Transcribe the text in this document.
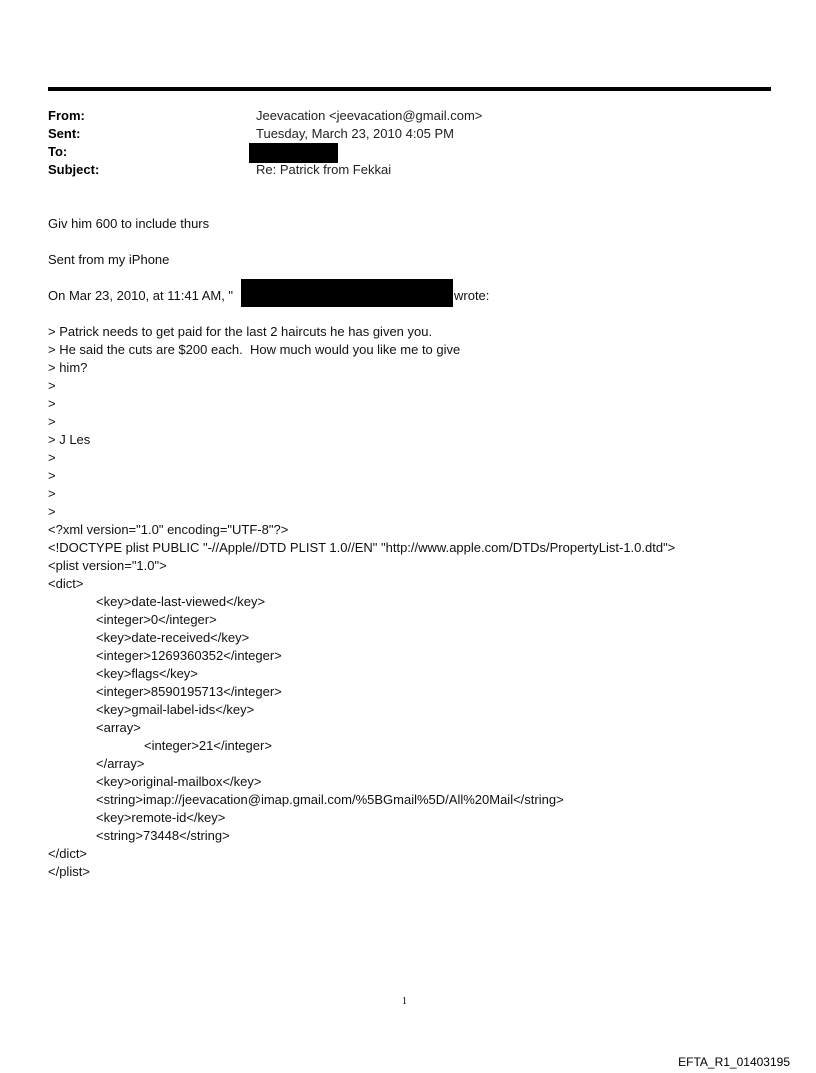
From:	Jeevacation <jeevacation@gmail.com>
Sent:	Tuesday, March 23, 2010 4:05 PM
To:
Subject:	Re: Patrick from Fekkai
Giv him 600 to include thurs
Sent from my iPhone
On Mar 23, 2010, at 11:41 AM, "	wrote:
> Patrick needs to get paid for the last 2 haircuts he has given you.
> He said the cuts are $200 each.  How much would you like me to give
> him?
>
>
>
> J Les
>
>
>
>
<?xml version="1.0" encoding="UTF-8"?>
<!DOCTYPE plist PUBLIC "-//Apple//DTD PLIST 1.0//EN" "http://www.apple.com/DTDs/PropertyList-1.0.dtd">
<plist version="1.0">
<dict>
<key>date-last-viewed</key>
<integer>0</integer>
<key>date-received</key>
<integer>1269360352</integer>
<key>flags</key>
<integer>8590195713</integer>
<key>gmail-label-ids</key>
<array>
<integer>21</integer>
</array>
<key>original-mailbox</key>
<string>imap://jeevacation@imap.gmail.com/%5BGmail%5D/All%20Mail</string>
<key>remote-id</key>
<string>73448</string>
</dict>
</plist>
1
EFTA_R1_01403195
